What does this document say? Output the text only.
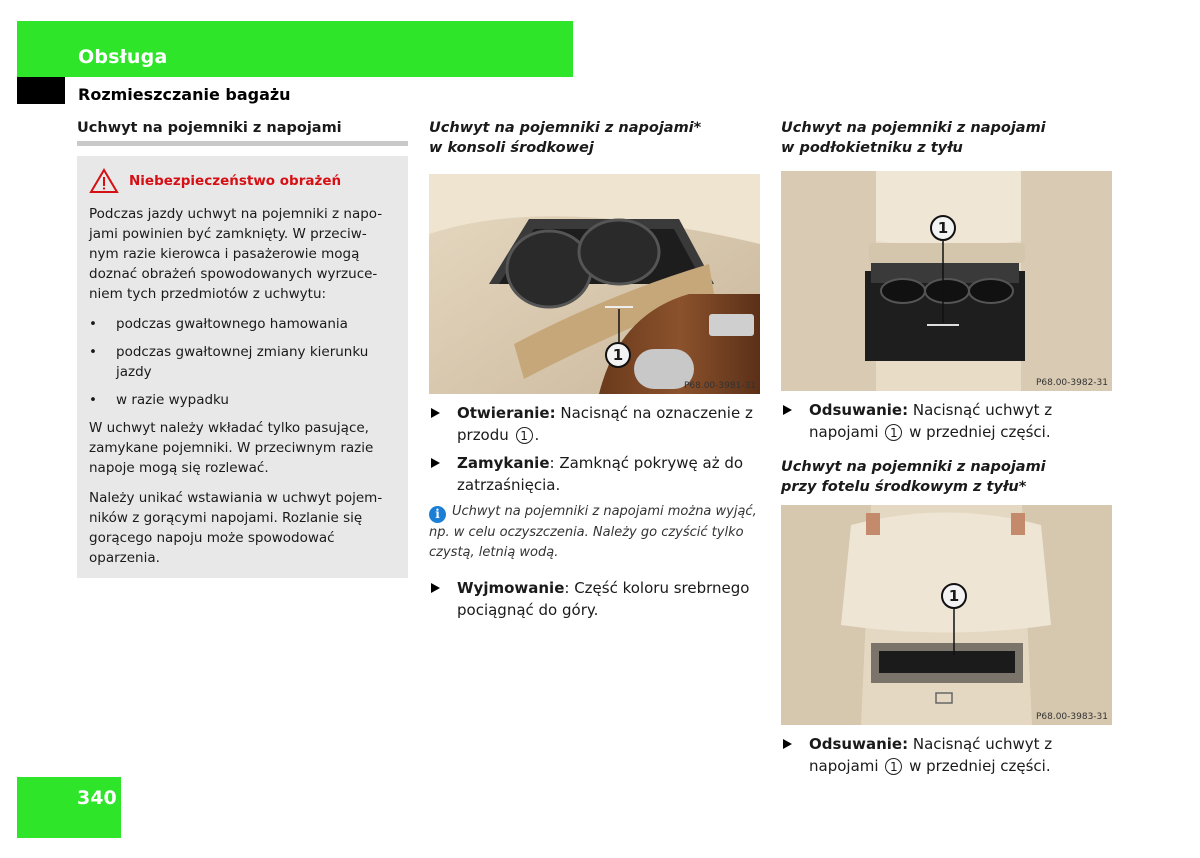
Obsługa
Rozmieszczanie bagażu

Uchwyt na pojemniki z napojami

Niebezpieczeństwo obrażeń

Podczas jazdy uchwyt na pojemniki z napo-jami powinien być zamknięty. W przeciw-nym razie kierowca i pasażerowie mogą doznać obrażeń spowodowanych wyrzuce-niem tych przedmiotów z uchwytu:

• podczas gwałtownego hamowania
• podczas gwałtownej zmiany kierunku jazdy
• w razie wypadku

W uchwyt należy wkładać tylko pasujące, zamykane pojemniki. W przeciwnym razie napoje mogą się rozlewać.

Należy unikać wstawiania w uchwyt pojem-ników z gorącymi napojami. Rozlanie się gorącego napoju może spowodować oparzenia.

Uchwyt na pojemniki z napojami*
w konsoli środkowej

1
P68.00-3981-31
Otwieranie: Nacisnąć na oznaczenie z przodu 1 .
Zamykanie: Zamknąć pokrywę aż do zatrzaśnięcia.

i Uchwyt na pojemniki z napojami można wyjąć, np. w celu oczyszczenia. Należy go czyścić tylko czystą, letnią wodą.

Wyjmowanie: Część koloru srebrnego pociągnąć do góry.

Uchwyt na pojemniki z napojami
w podłokietniku z tyłu

1
P68.00-3982-31
Odsuwanie: Nacisnąć uchwyt z napojami 1 w przedniej części.

Uchwyt na pojemniki z napojami
przy fotelu środkowym z tyłu*

1
P68.00-3983-31
Odsuwanie: Nacisnąć uchwyt z napojami 1 w przedniej części.
340
